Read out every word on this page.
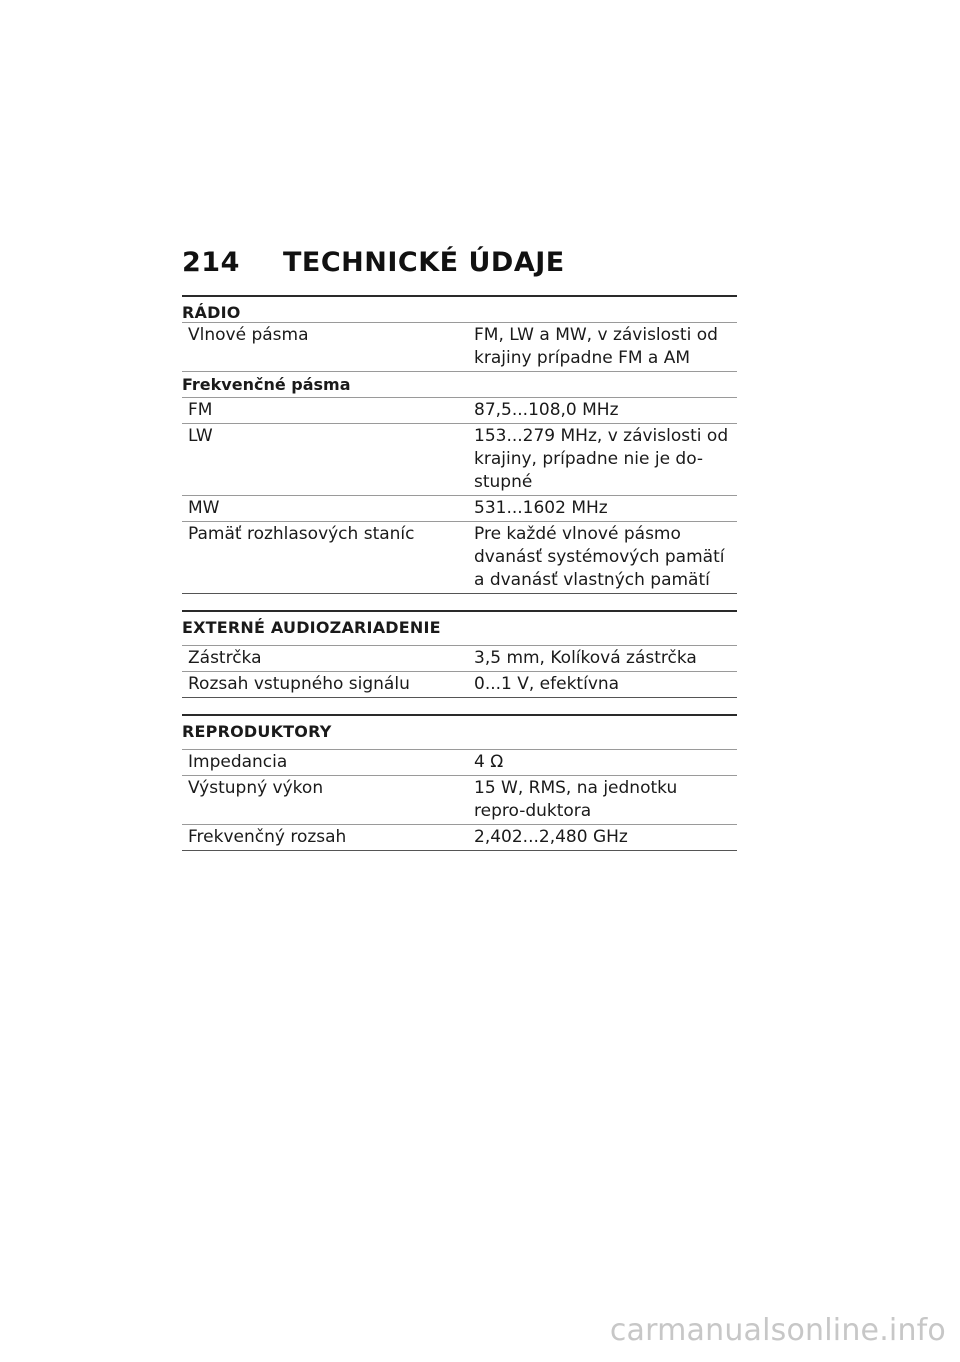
214	TECHNICKÉ ÚDAJE
RÁDIO
Vlnové pásma	FM, LW a MW, v závislosti od krajiny prípadne FM a AM
Frekvenčné pásma	
FM	87,5...108,0 MHz
LW	153...279 MHz, v závislosti od krajiny, prípadne nie je do-stupné
MW	531...1602 MHz
Pamäť rozhlasových staníc	Pre každé vlnové pásmo dvanásť systémových pamätí a dvanásť vlastných pamätí
EXTERNÉ AUDIOZARIADENIE
Zástrčka	3,5 mm, Kolíková zástrčka
Rozsah vstupného signálu	0...1 V, efektívna
REPRODUKTORY
Impedancia	4 Ω
Výstupný výkon	15 W, RMS, na jednotku repro-duktora
Frekvenčný rozsah	2,402...2,480 GHz
carmanualsonline.info
